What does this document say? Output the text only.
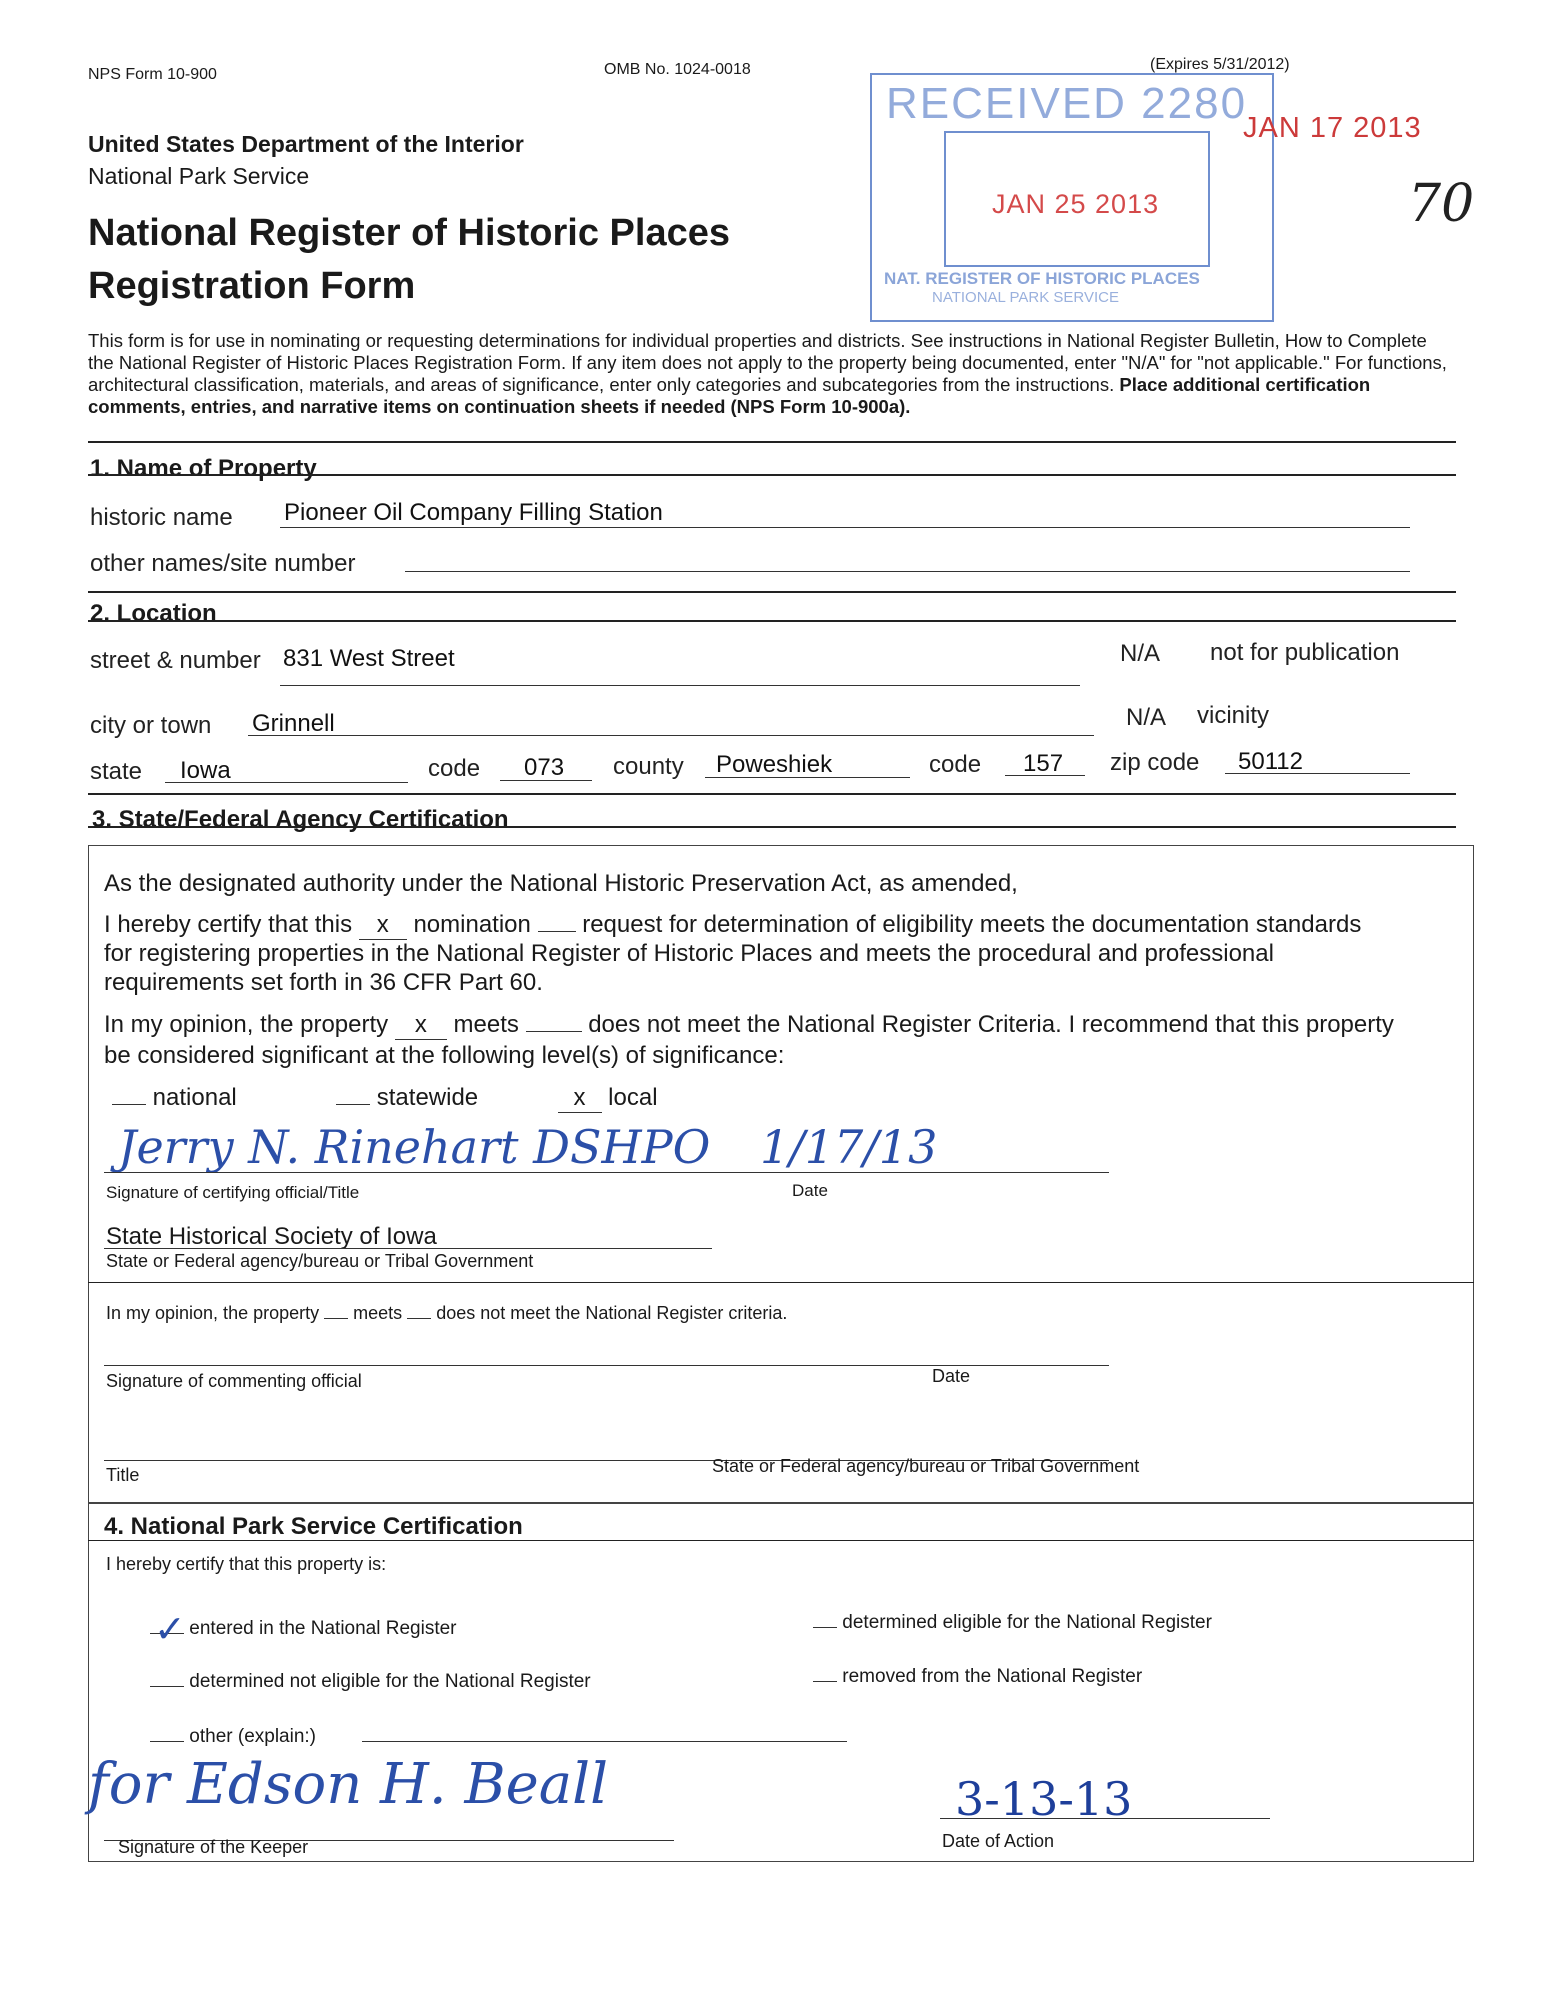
NPS Form 10-900	OMB No. 1024-0018	(Expires 5/31/2012)
United States Department of the Interior
National Park Service
National Register of Historic Places
Registration Form
RECEIVED 2280
JAN 25 2013
NAT. REGISTER OF HISTORIC PLACES
NATIONAL PARK SERVICE
JAN 17 2013
70
This form is for use in nominating or requesting determinations for individual properties and districts. See instructions in National Register Bulletin, How to Complete the National Register of Historic Places Registration Form. If any item does not apply to the property being documented, enter "N/A" for "not applicable." For functions, architectural classification, materials, and areas of significance, enter only categories and subcategories from the instructions. Place additional certification comments, entries, and narrative items on continuation sheets if needed (NPS Form 10-900a).
1. Name of Property
historic name Pioneer Oil Company Filling Station
other names/site number
2. Location
street & number 831 West Street	N/A not for publication
city or town Grinnell	N/A vicinity
state Iowa	code 073 county Poweshiek	code 157 zip code 50112
3. State/Federal Agency Certification
As the designated authority under the National Historic Preservation Act, as amended,
I hereby certify that this x nomination request for determination of eligibility meets the documentation standards
for registering properties in the National Register of Historic Places and meets the procedural and professional
requirements set forth in 36 CFR Part 60.
In my opinion, the property x meets	does not meet the National Register Criteria. I recommend that this property
be considered significant at the following level(s) of significance:
national	statewide	x local
Jerry N. Rinehart DSHPO
Signature of certifying official/Title
1/17/13
Date
State Historical Society of Iowa
State or Federal agency/bureau or Tribal Government
In my opinion, the property meets does not meet the National Register criteria.
Signature of commenting official	Date
Title	State or Federal agency/bureau or Tribal Government
4. National Park Service Certification
I hereby certify that this property is:
✓ entered in the National Register	determined eligible for the National Register
determined not eligible for the National Register	removed from the National Register
other (explain:)
for Edson H. Beall
Signature of the Keeper
3-13-13
Date of Action
